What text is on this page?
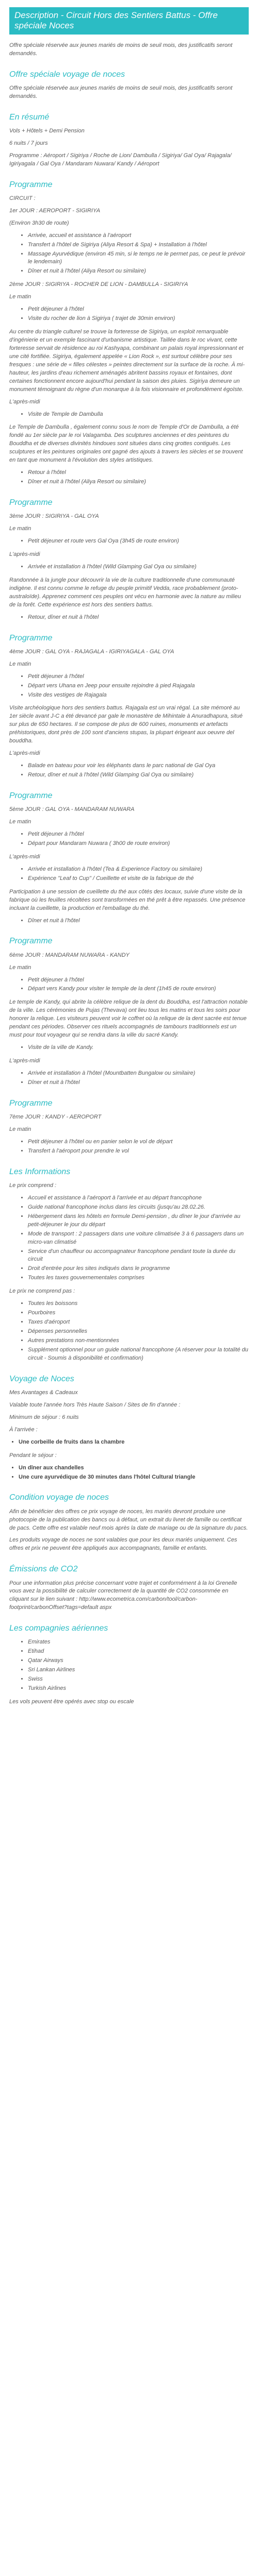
Description - Circuit Hors des Sentiers Battus - Offre spéciale Noces

Offre spéciale réservée aux jeunes mariés de moins de seuil mois, des justificatifs seront demandés.

Offre spéciale voyage de noces

Offre spéciale réservée aux jeunes mariés de moins de seuil mois, des justificatifs seront demandés.

En résumé

Vols + Hôtels + Demi Pension

6 nuits / 7 jours

Programme : Aéroport / Sigiriya / Roche de Lion/ Dambulla / Sigiriya/ Gal Oya/ Rajagala/ Igiriyagala / Gal Oya / Mandaram Nuwara/ Kandy / Aéroport

Programme

CIRCUIT :

1er JOUR : AEROPORT - SIGIRIYA

(Environ 3h30 de route)

• Arrivée, accueil et assistance à l'aéroport
• Transfert à l'hôtel de Sigiriya (Aliya Resort & Spa) + Installation à l'hôtel
• Massage Ayurvédique (environ 45 min, si le temps ne le permet pas, ce peut le prévoir le lendemain)
• Dîner et nuit à l'hôtel (Aliya Resort ou similaire)

2ème JOUR : SIGIRIYA - ROCHER DE LION - DAMBULLA - SIGIRIYA

Le matin

• Petit déjeuner à l'hôtel
• Visite du rocher de lion à Sigiriya ( trajet de 30min environ)

Au centre du triangle culturel se trouve la forteresse de Sigiriya, un exploit remarquable d'ingénierie et un exemple fascinant d'urbanisme artistique. Taillée dans le roc vivant, cette forteresse servait de résidence au roi Kashyapa, combinant un palais royal impressionnant et une cité fortifiée. Sigiriya, également appelée « Lion Rock », est surtout célèbre pour ses fresques : une série de « filles célestes » peintes directement sur la surface de la roche. À mi-hauteur, les jardins d'eau richement aménagés abritent bassins royaux et fontaines, dont certaines fonctionnent encore aujourd'hui pendant la saison des pluies. Sigiriya demeure un monument témoignant du règne d'un monarque à la fois visionnaire et profondément égoïste.

L'après-midi

• Visite de Temple de Dambulla

Le Temple de Dambulla , également connu sous le nom de Temple d'Or de Dambulla, a été fondé au 1er siècle par le roi Valagamba. Des sculptures anciennes et des peintures du Bouddha et de diverses divinités hindoues sont situées dans cinq grottes contiguës. Les sculptures et les peintures originales ont gagné des ajouts à travers les siècles et se trouvent en tant que monument à l'évolution des styles artistiques.

• Retour à l'hôtel
• Dîner et nuit à l'hôtel (Aliya Resort ou similaire)
Programme

3ème JOUR : SIGIRIYA - GAL OYA

Le matin

• Petit déjeuner et route vers Gal Oya (3h45 de route environ)

L'après-midi

• Arrivée et installation à l'hôtel (Wild Glamping Gal Oya ou similaire)

Randonnée à la jungle pour découvrir la vie de la culture traditionnelle d'une communauté indigène. Il est connu comme le refuge du peuple primitif Vedda, race probablement (proto-australoïde). Apprenez comment ces peuples ont vécu en harmonie avec la nature au milieu de la forêt. Cette expérience est hors des sentiers battus.

• Retour, dîner et nuit à l'hôtel
Programme

4ème JOUR : GAL OYA - RAJAGALA - IGIRIYAGALA - GAL OYA

Le matin

• Petit déjeuner à l'hôtel
• Départ vers Uhana en Jeep pour ensuite rejoindre à pied Rajagala
• Visite des vestiges de Rajagala

Visite archéologique hors des sentiers battus. Rajagala est un vrai régal. La site mémoré au 1er siècle avant J-C a été devancé par gale le monastère de Mihintale à Anuradhapura, situé sur plus de 650 hectares. Il se compose de plus de 600 ruines, monuments et artefacts préhistoriques, dont près de 100 sont d'anciens stupas, la plupart érigeant aux oeuvre del bouddha.

L'après-midi

• Balade en bateau pour voir les éléphants dans le parc national de Gal Oya
• Retour, dîner et nuit à l'hôtel (Wild Glamping Gal Oya ou similaire)
Programme

5ème JOUR : GAL OYA - MANDARAM NUWARA

Le matin

• Petit déjeuner à l'hôtel
• Départ pour Mandaram Nuwara ( 3h00 de route environ)

L'après-midi

• Arrivée et installation à l'hôtel (Tea & Experience Factory ou similaire)
• Expérience "Leaf to Cup" / Cueillette et visite de la fabrique de thé

Participation à une session de cueillette du thé aux côtés des locaux, suivie d'une visite de la fabrique où les feuilles récoltées sont transformées en thé prêt à être repassés. Une présence incluant la cueillette, la production et l'emballage du thé.

• Dîner et nuit à l'hôtel
Programme

6ème JOUR : MANDARAM NUWARA - KANDY

Le matin

• Petit déjeuner à l'hôtel
• Départ vers Kandy pour visiter le temple de la dent (1h45 de route environ)

Le temple de Kandy, qui abrite la célèbre relique de la dent du Bouddha, est l'attraction notable de la ville. Les cérémonies de Pujas (Thevava) ont lieu tous les matins et tous les soirs pour honorer la relique. Les visiteurs peuvent voir le coffret où la relique de la dent sacrée est tenue pendant ces périodes. Observer ces rituels accompagnés de tambours traditionnels est un must pour tout voyageur qui se rendra dans la ville du sacré Kandy.

• Visite de la ville de Kandy.

L'après-midi

• Arrivée et installation à l'hôtel (Mountbatten Bungalow ou similaire)
• Dîner et nuit à l'hôtel
Programme

7ème JOUR : KANDY - AEROPORT

Le matin

• Petit déjeuner à l'hôtel ou en panier selon le vol de départ
• Transfert à l'aéroport pour prendre le vol
Les Informations

Le prix comprend :

• Accueil et assistance à l'aéroport à l'arrivée et au départ francophone
• Guide national francophone inclus dans les circuits (jusqu'au 28.02.26.
• Hébergement dans les hôtels en formule Demi-pension , du dîner le jour d'arrivée au petit-déjeuner le jour du départ
• Mode de transport : 2 passagers dans une voiture climatisée 3 à 6 passagers dans un micro-van climatisé
• Service d'un chauffeur ou accompagnateur francophone pendant toute la durée du circuit
• Droit d'entrée pour les sites indiqués dans le programme
• Toutes les taxes gouvernementales comprises

Le prix ne comprend pas :

• Toutes les boissons
• Pourboires
• Taxes d'aéroport
• Dépenses personnelles
• Autres prestations non-mentionnées
• Supplément optionnel pour un guide national francophone (A réserver pour la totalité du circuit - Soumis à disponibilité et confirmation)
Voyage de Noces

Mes Avantages & Cadeaux

Valable toute l'année hors Très Haute Saison / Sites de fin d'année :

Minimum de séjour : 6 nuits

À l'arrivée :

• Une corbeille de fruits dans la chambre

Pendant le séjour :

• Un dîner aux chandelles
• Une cure ayurvédique de 30 minutes dans l'hôtel Cultural triangle
Condition voyage de noces

Afin de bénéficier des offres ce prix voyage de noces, les mariés devront produire une photocopie de la publication des bancs ou à défaut, un extrait du livret de famille ou certificat de pacs. Cette offre est valable neuf mois après la date de mariage ou de la signature du pacs.

Les produits voyage de noces ne sont valables que pour les deux mariés uniquement. Ces offres et prix ne peuvent être appliqués aux accompagnants, famille et enfants.

Émissions de CO2

Pour une information plus précise concernant votre trajet et conformément à la loi Grenelle vous avez la possibilité de calculer correctement de la quantité de CO2 consommée en cliquant sur le lien suivant : http://www.ecometrica.com/carbon/tool/carbon-footprint/carbonOffset?tags=default aspx

Les compagnies aériennes
• Emirates
• Etihad
• Qatar Airways
• Sri Lankan Airlines
• Swiss
• Turkish Airlines

Les vols peuvent être opérés avec stop ou escale
